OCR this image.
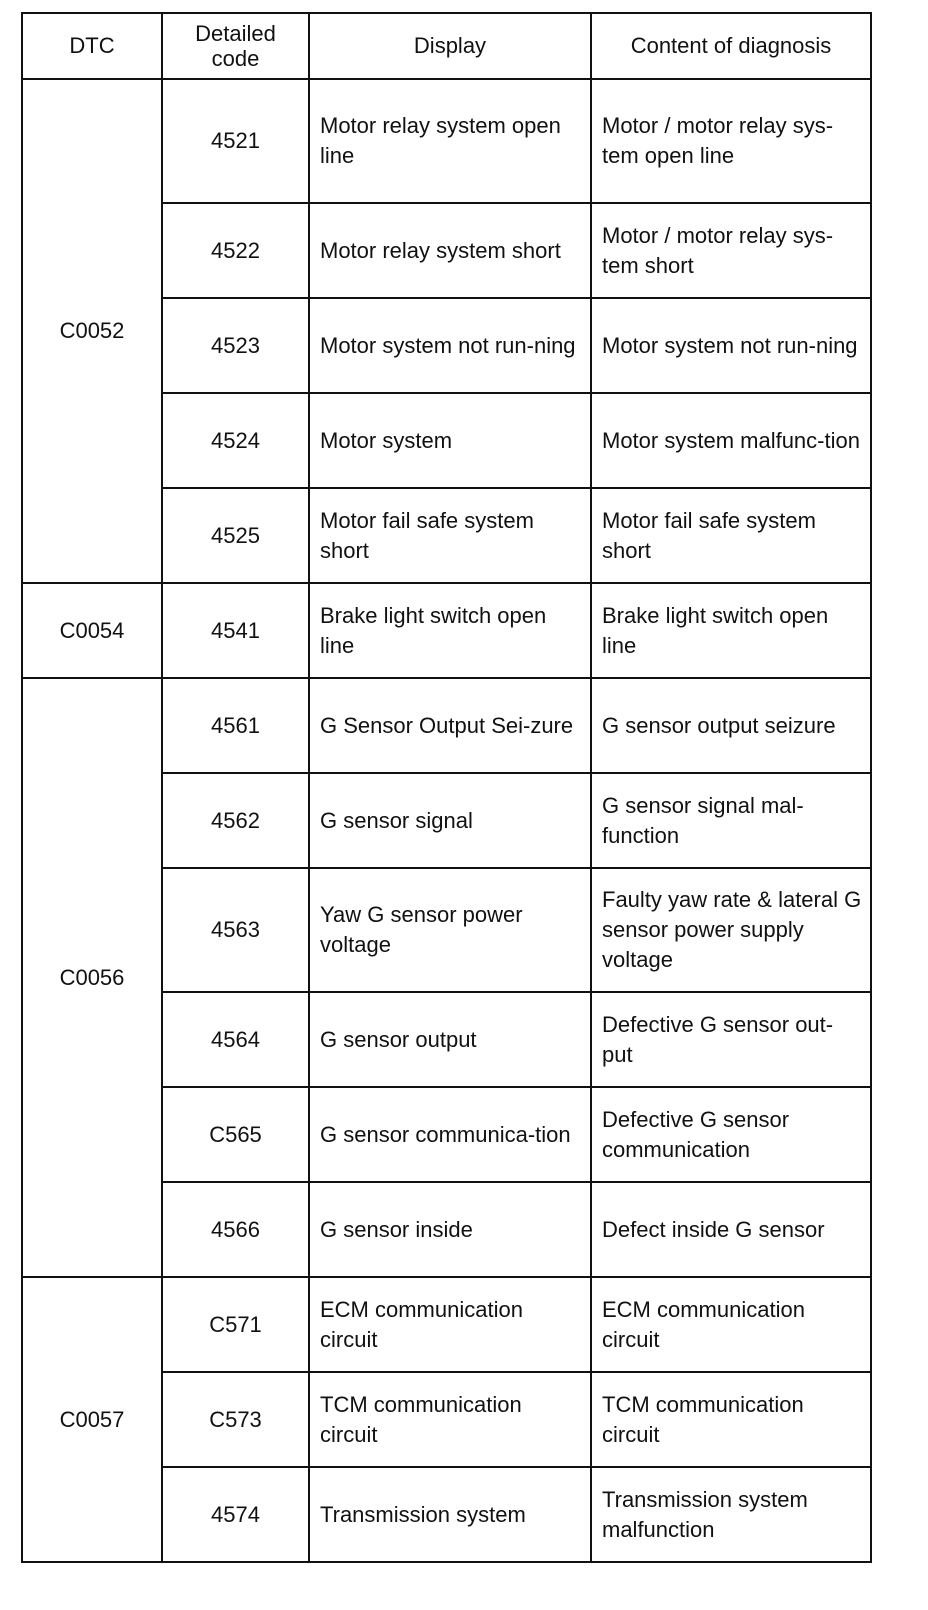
DTC	Detailed code	Display	Content of diagnosis
C0052	4521	Motor relay system open line	Motor / motor relay sys-tem open line
	4522	Motor relay system short	Motor / motor relay sys-tem short
	4523	Motor system not run-ning	Motor system not run-ning
	4524	Motor system	Motor system malfunc-tion
	4525	Motor fail safe system short	Motor fail safe system short
C0054	4541	Brake light switch open line	Brake light switch open line
C0056	4561	G Sensor Output Sei-zure	G sensor output seizure
	4562	G sensor signal	G sensor signal mal-function
	4563	Yaw G sensor power voltage	Faulty yaw rate & lateral G sensor power supply voltage
	4564	G sensor output	Defective G sensor out-put
	C565	G sensor communica-tion	Defective G sensor communication
	4566	G sensor inside	Defect inside G sensor
C0057	C571	ECM communication circuit	ECM communication circuit
	C573	TCM communication circuit	TCM communication circuit
	4574	Transmission system	Transmission system malfunction
